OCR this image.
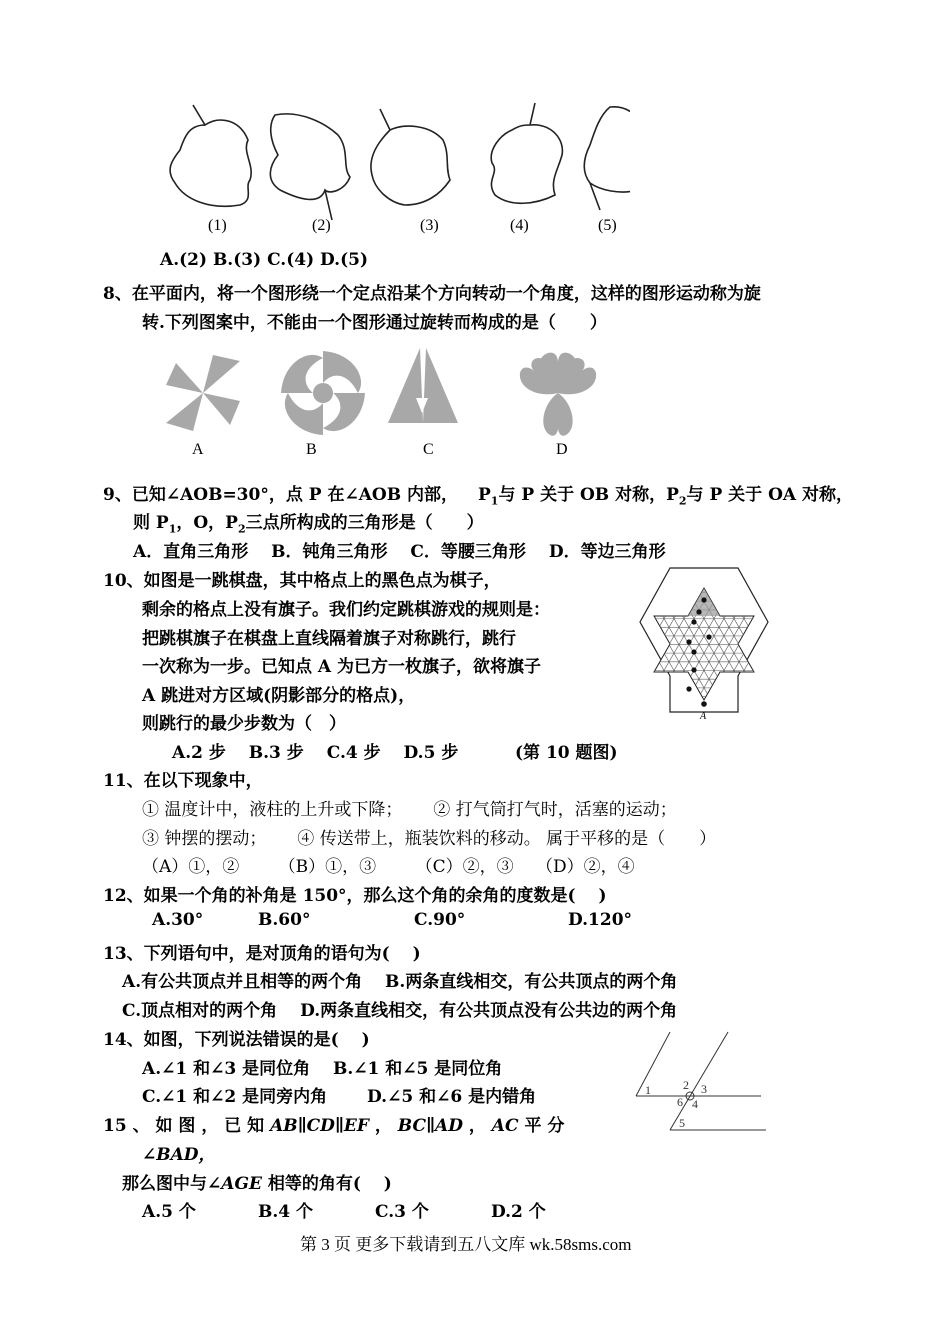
(1)	(2)	(3)	(4)	(5)
A.(2) B.(3) C.(4) D.(5)
8、在平面内，将一个图形绕一个定点沿某个方向转动一个角度，这样的图形运动称为旋
转.下列图案中，不能由一个图形通过旋转而构成的是（　　）
A	B	C	D
9、已知∠AOB=30°，点 P 在∠AOB 内部， $P_1$与 P 关于 OB 对称，$P_2$与 P 关于 OA 对称，
则 $P_1$，O，$P_2$三点所构成的三角形是（　　）
A．直角三角形　 B．钝角三角形　 C．等腰三角形　 D．等边三角形
10、如图是一跳棋盘，其中格点上的黑色点为棋子，
剩余的格点上没有旗子。我们约定跳棋游戏的规则是：
把跳棋旗子在棋盘上直线隔着旗子对称跳行，跳行
一次称为一步。已知点 A 为已方一枚旗子，欲将旗子
A 跳进对方区域(阴影部分的格点)，
则跳行的最少步数为（　）
A.2 步　 B.3 步　 C.4 步　 D.5 步	(第 10 题图)
A
11、在以下现象中，
① 温度计中，液柱的上升或下降；　　 ② 打气筒打气时，活塞的运动；
③ 钟摆的摆动；　　 ④ 传送带上，瓶装饮料的移动。 属于平移的是（　　）
（A）①，②　　 （B）①，③　　 （C）②，③　 （D）②，④
12、如果一个角的补角是 150°，那么这个角的余角的度数是(　 )
A.30°	B.60°	C.90°	D.120°
13、下列语句中，是对顶角的语句为(　 )
A.有公共顶点并且相等的两个角　 B.两条直线相交，有公共顶点的两个角
C.顶点相对的两个角　 D.两条直线相交，有公共顶点没有公共边的两个角
14、如图，下列说法错误的是(　 )
A.∠1 和∠3 是同位角　 B.∠1 和∠5 是同位角
C.∠1 和∠2 是同旁内角　　 D.∠5 和∠6 是内错角	1	2 3
6 4
5
15 、 如 图 ， 已 知 AB∥CD∥EF ， BC∥AD ， AC 平 分
∠BAD，
那么图中与∠AGE 相等的角有(　 )
A.5 个	B.4 个	C.3 个	D.2 个
第 3 页 更多下载请到五八文库 wk.58sms.com
